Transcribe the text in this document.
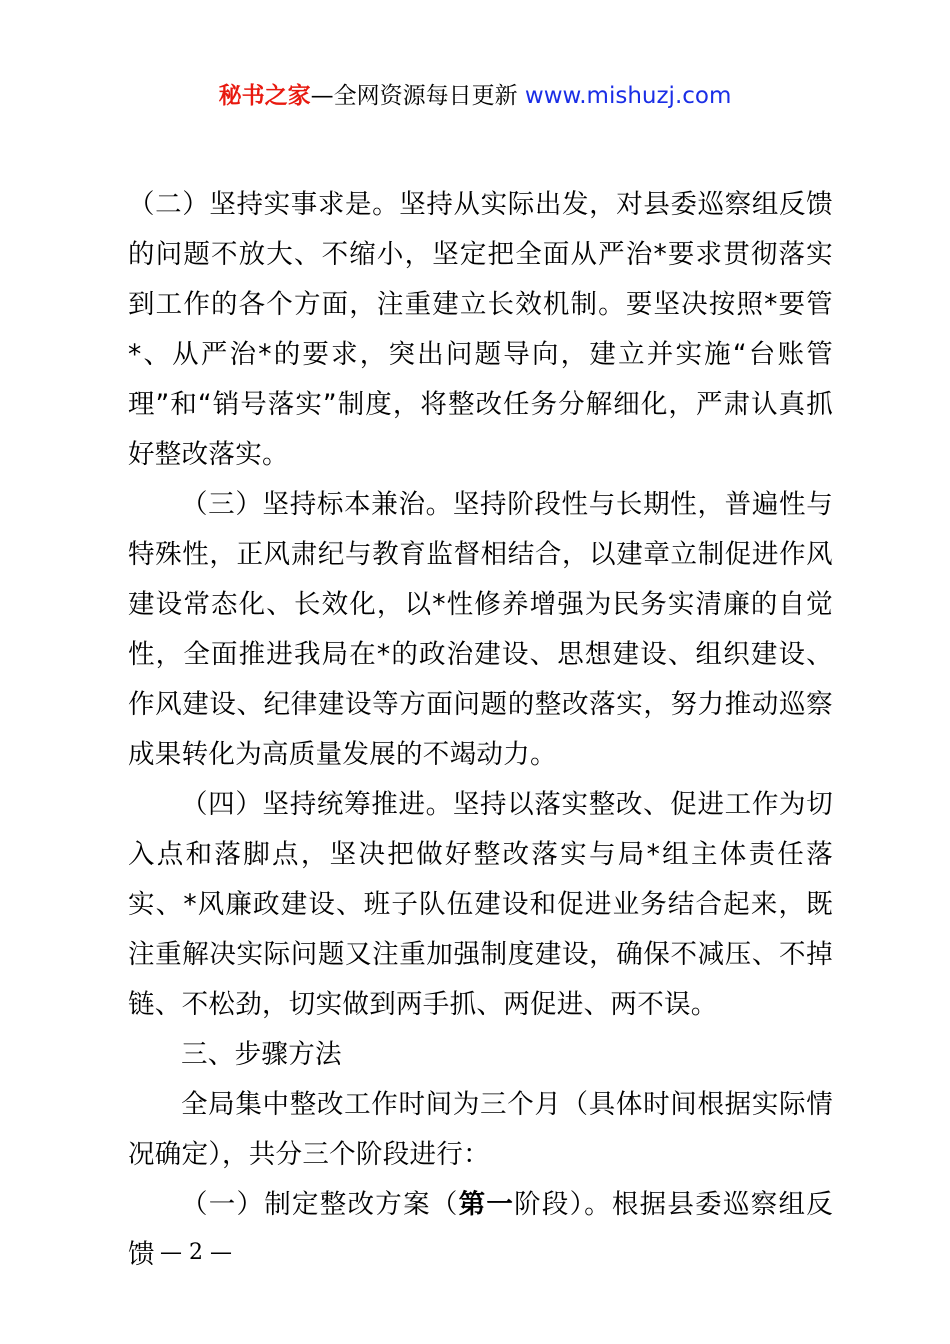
秘书之家—全网资源每日更新 www.mishuzj.com

（二）坚持实事求是。坚持从实际出发，对县委巡察组反馈的问题不放大、不缩小，坚定把全面从严治*要求贯彻落实到工作的各个方面，注重建立长效机制。要坚决按照*要管*、从严治*的要求，突出问题导向，建立并实施“台账管理”和“销号落实”制度，将整改任务分解细化，严肃认真抓好整改落实。

（三）坚持标本兼治。坚持阶段性与长期性，普遍性与特殊性，正风肃纪与教育监督相结合，以建章立制促进作风建设常态化、长效化，以*性修养增强为民务实清廉的自觉性，全面推进我局在*的政治建设、思想建设、组织建设、作风建设、纪律建设等方面问题的整改落实，努力推动巡察成果转化为高质量发展的不竭动力。

（四）坚持统筹推进。坚持以落实整改、促进工作为切入点和落脚点，坚决把做好整改落实与局*组主体责任落实、*风廉政建设、班子队伍建设和促进业务结合起来，既注重解决实际问题又注重加强制度建设，确保不减压、不掉链、不松劲，切实做到两手抓、两促进、两不误。

三、步骤方法

全局集中整改工作时间为三个月（具体时间根据实际情况确定），共分三个阶段进行：

（一）制定整改方案（第一阶段）。根据县委巡察组反馈 — 2 —
